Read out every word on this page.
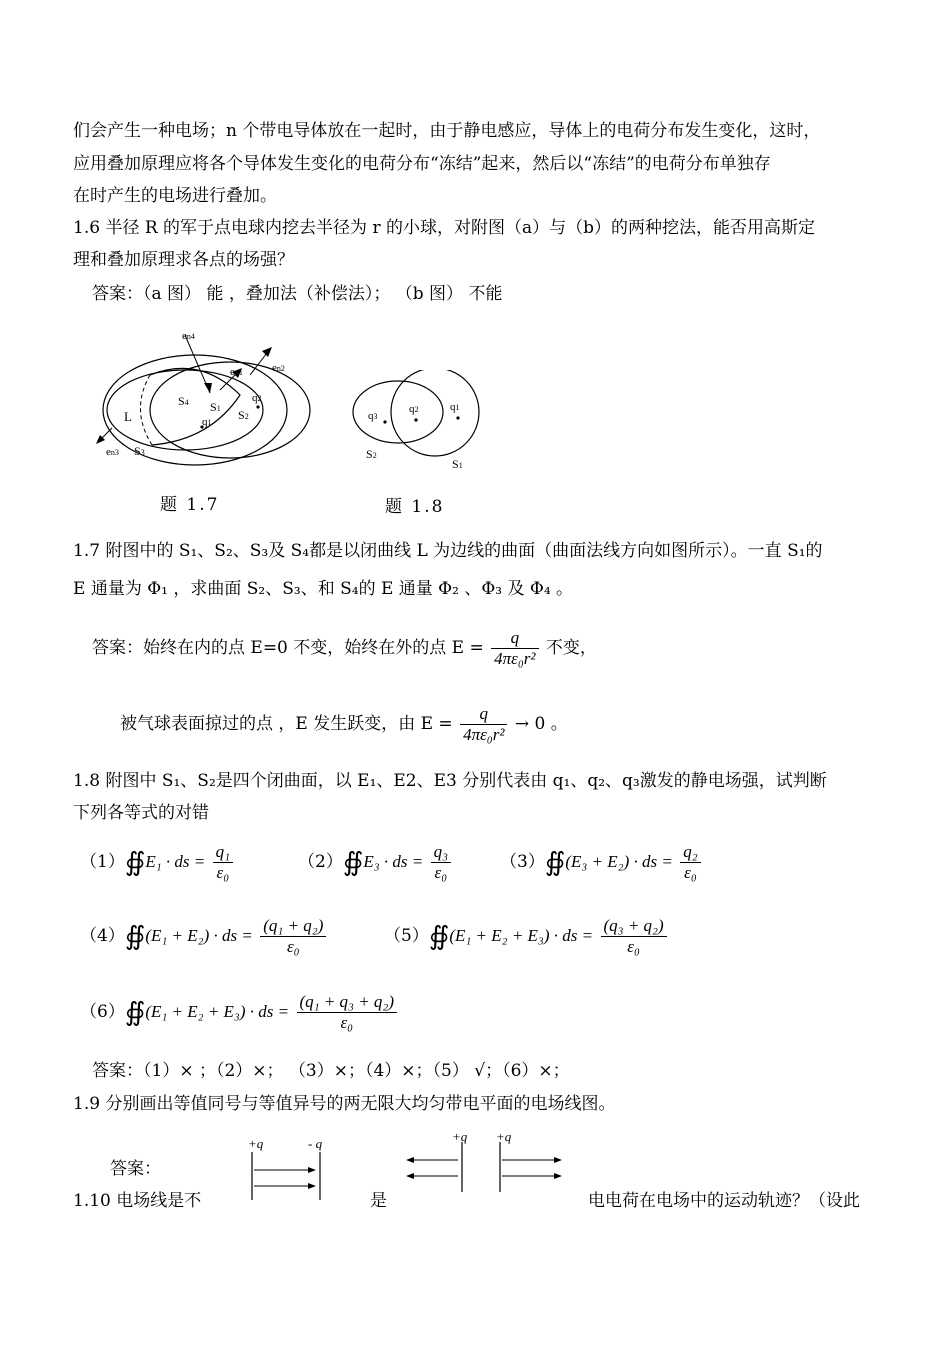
们会产生一种电场；n 个带电导体放在一起时，由于静电感应，导体上的电荷分布发生变化，这时，
应用叠加原理应将各个导体发生变化的电荷分布“冻结”起来，然后以“冻结”的电荷分布单独存
在时产生的电场进行叠加。
1.6 半径 R 的军于点电球内挖去半径为 r 的小球，对附图（a）与（b）的两种挖法，能否用高斯定
理和叠加原理求各点的场强？
答案：（a 图） 能 ，叠加法（补偿法）； （b 图） 不能
en4
en1	en2
en3
L
S4 S1 S2
S3
q2
q1
题 1.7
q3
q2	q1
S2
S1
题 1.8
1.7 附图中的 S₁、S₂、S₃及 S₄都是以闭曲线 L 为边线的曲面（曲面法线方向如图所示）。一直 S₁的
E 通量为 Φ₁ ，求曲面 S₂、S₃、和 S₄的 E 通量 Φ₂ 、Φ₃ 及 Φ₄ 。
答案：始终在内的点 E=0 不变，始终在外的点 $E = \frac{q}{\text{4πε₀r²}}$ 不变，
被气球表面掠过的点 ，E 发生跃变，由 $E = \frac{q}{\text{4πε₀r²}} \to 0$ 。
1.8 附图中 S₁、S₂是四个闭曲面，以 E₁、E2、E3 分别代表由 q₁、q₂、q₃激发的静电场强，试判断
下列各等式的对错
（1）∯E₁ · ds = $\frac{\text{q₁}}{\text{ε₀}}$	（2）∯E₃ · ds = $\frac{\text{q₃}}{\text{ε₀}}$	（3）∯(E₃ + E₂) · ds = $\frac{\text{q₂}}{\text{ε₀}}$
（4）∯(E₁ + E₂) · ds = $\frac{\text{(q₁ + q₂)}}{\text{ε₀}}$	（5）∯(E₁ + E₂ + E₃) · ds = $\frac{\text{(q₃ + q₂)}}{\text{ε₀}}$
（6）∯(E₁ + E₂ + E₃) · ds = $\frac{\text{(q₁ + q₃ + q₂)}}{\text{ε₀}}$
答案：（1）× ；（2）×； （3）×；（4）×；（5） √；（6）×；
1.9 分别画出等值同号与等值异号的两无限大均匀带电平面的电场线图。
答案：
+q	- q	+q +q
1.10 电场线是不	是	电电荷在电场中的运动轨迹？（设此
